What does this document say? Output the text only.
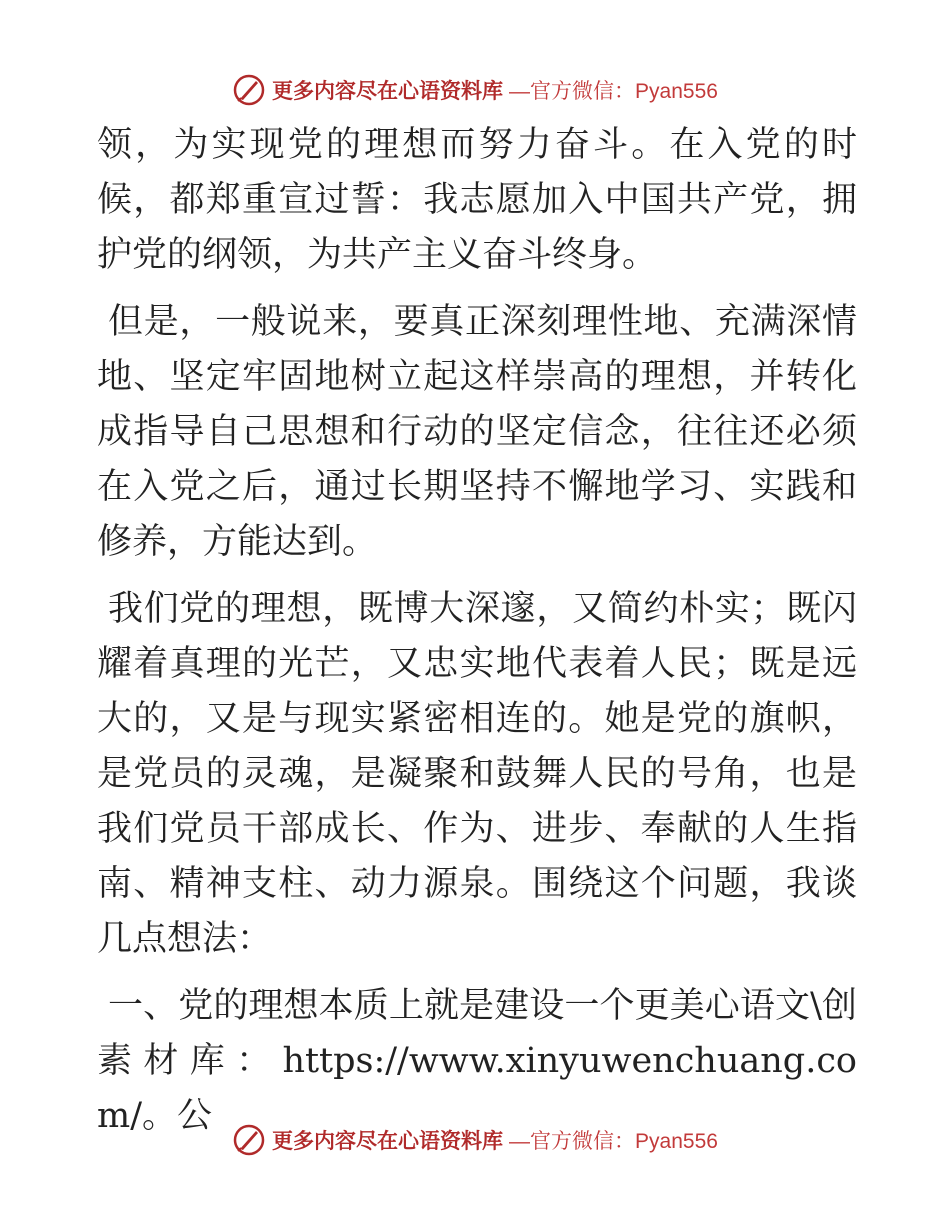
更多内容尽在心语资料库 —官方微信：Pyan556

领，为实现党的理想而努力奋斗。在入党的时候，都郑重宣过誓：我志愿加入中国共产党，拥护党的纲领，为共产主义奋斗终身。

但是，一般说来，要真正深刻理性地、充满深情地、坚定牢固地树立起这样崇高的理想，并转化成指导自己思想和行动的坚定信念，往往还必须在入党之后，通过长期坚持不懈地学习、实践和修养，方能达到。

我们党的理想，既博大深邃，又简约朴实；既闪耀着真理的光芒，又忠实地代表着人民；既是远大的，又是与现实紧密相连的。她是党的旗帜，是党员的灵魂，是凝聚和鼓舞人民的号角，也是我们党员干部成长、作为、进步、奉献的人生指南、精神支柱、动力源泉。围绕这个问题，我谈几点想法：

一、党的理想本质上就是建设一个更美心语文\创素材库：https://www.xinyuwenchuang.com/。公

更多内容尽在心语资料库 —官方微信：Pyan556
